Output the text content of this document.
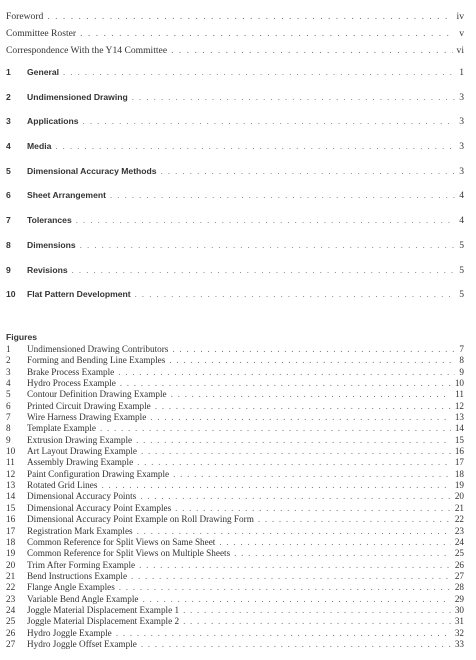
Foreword . . .	iv
Committee Roster . . .	v
Correspondence With the Y14 Committee . . .	vi
1	General . . .	1
2	Undimensioned Drawing . . .	3
3	Applications . . .	3
4	Media . . .	3
5	Dimensional Accuracy Methods . . .	3
6	Sheet Arrangement . . .	4
7	Tolerances . . .	4
8	Dimensions . . .	5
9	Revisions . . .	5
10	Flat Pattern Development . . .	5
Figures
1	Undimensioned Drawing Contributors . . .	7
2	Forming and Bending Line Examples . . .	8
3	Brake Process Example . . .	9
4	Hydro Process Example . . .	10
5	Contour Definition Drawing Example . . .	11
6	Printed Circuit Drawing Example . . .	12
7	Wire Harness Drawing Example . . .	13
8	Template Example . . .	14
9	Extrusion Drawing Example . . .	15
10	Art Layout Drawing Example . . .	16
11	Assembly Drawing Example . . .	17
12	Paint Configuration Drawing Example . . .	18
13	Rotated Grid Lines . . .	19
14	Dimensional Accuracy Points . . .	20
15	Dimensional Accuracy Point Examples . . .	21
16	Dimensional Accuracy Point Example on Roll Drawing Form . . .	22
17	Registration Mark Examples . . .	23
18	Common Reference for Split Views on Same Sheet . . .	24
19	Common Reference for Split Views on Multiple Sheets . . .	25
20	Trim After Forming Example . . .	26
21	Bend Instructions Example . . .	27
22	Flange Angle Examples . . .	28
23	Variable Bend Angle Example . . .	29
24	Joggle Material Displacement Example 1 . . .	30
25	Joggle Material Displacement Example 2 . . .	31
26	Hydro Joggle Example . . .	32
27	Hydro Joggle Offset Example . . .	33
